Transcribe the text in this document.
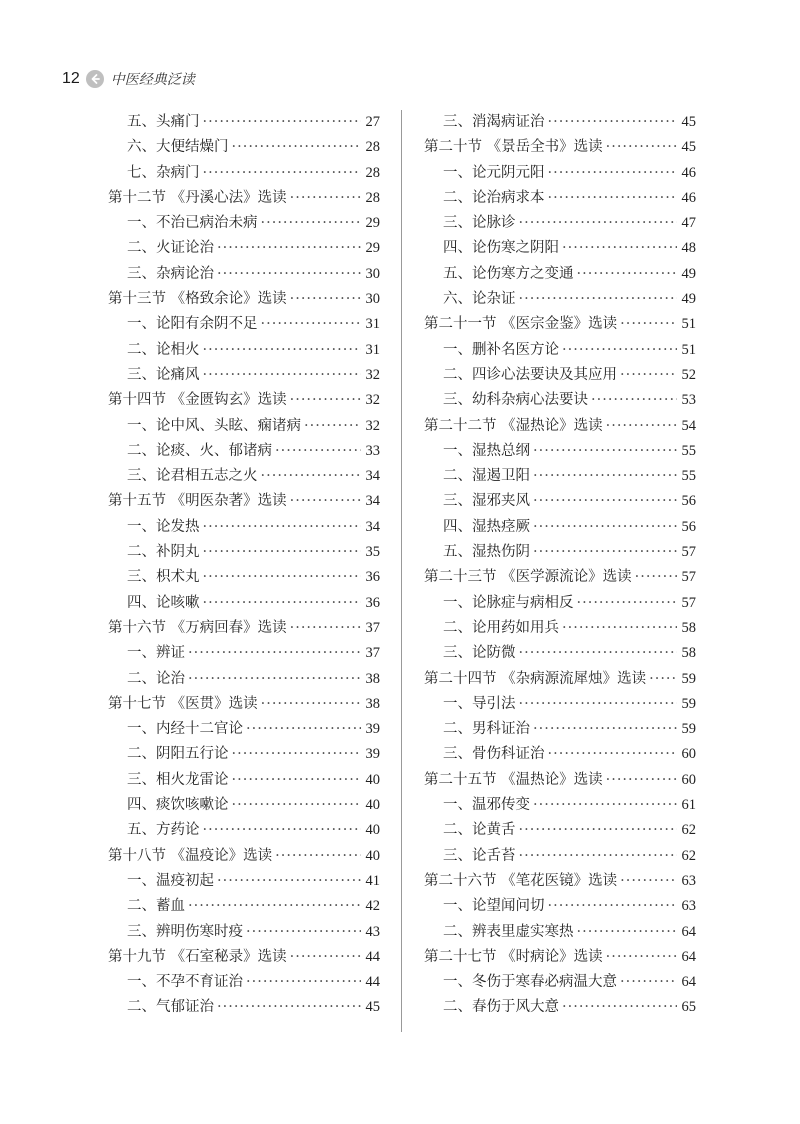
12 中医经典泛读
五、头痛门 ·····	27
六、大便结燥门 ·····	28
七、杂病门 ·····	28
第十二节 《丹溪心法》选读 ·····	28
一、不治已病治未病 ·····	29
二、火证论治 ·····	29
三、杂病论治 ·····	30
第十三节 《格致余论》选读 ·····	30
一、论阳有余阴不足 ·····	31
二、论相火 ·····	31
三、论痛风 ·····	32
第十四节 《金匮钩玄》选读 ·····	32
一、论中风、头眩、痫诸病 ·····	32
二、论痰、火、郁诸病 ·····	33
三、论君相五志之火 ·····	34
第十五节 《明医杂著》选读 ·····	34
一、论发热 ·····	34
二、补阴丸 ·····	35
三、枳术丸 ·····	36
四、论咳嗽 ·····	36
第十六节 《万病回春》选读 ·····	37
一、辨证 ·····	37
二、论治 ·····	38
第十七节 《医贯》选读 ·····	38
一、内经十二官论 ·····	39
二、阴阳五行论 ·····	39
三、相火龙雷论 ·····	40
四、痰饮咳嗽论 ·····	40
五、方药论 ·····	40
第十八节 《温疫论》选读 ·····	40
一、温疫初起 ·····	41
二、蓄血 ·····	42
三、辨明伤寒时疫 ·····	43
第十九节 《石室秘录》选读 ·····	44
一、不孕不育证治 ·····	44
二、气郁证治 ·····	45
三、消渴病证治 ·····	45
第二十节 《景岳全书》选读 ·····	45
一、论元阴元阳 ·····	46
二、论治病求本 ·····	46
三、论脉诊 ·····	47
四、论伤寒之阴阳 ·····	48
五、论伤寒方之变通 ·····	49
六、论杂证 ·····	49
第二十一节 《医宗金鉴》选读 ·····	51
一、删补名医方论 ·····	51
二、四诊心法要诀及其应用 ·····	52
三、幼科杂病心法要诀 ·····	53
第二十二节 《湿热论》选读 ·····	54
一、湿热总纲 ·····	55
二、湿遏卫阳 ·····	55
三、湿邪夹风 ·····	56
四、湿热痉厥 ·····	56
五、湿热伤阴 ·····	57
第二十三节 《医学源流论》选读 ·····	57
一、论脉症与病相反 ·····	57
二、论用药如用兵 ·····	58
三、论防微 ·····	58
第二十四节 《杂病源流犀烛》选读 ····· 59
一、导引法 ·····	59
二、男科证治 ·····	59
三、骨伤科证治 ·····	60
第二十五节 《温热论》选读 ·····	60
一、温邪传变 ·····	61
二、论黄舌 ·····	62
三、论舌苔 ·····	62
第二十六节 《笔花医镜》选读 ·····	63
一、论望闻问切 ·····	63
二、辨表里虚实寒热 ·····	64
第二十七节 《时病论》选读 ·····	64
一、冬伤于寒春必病温大意 ·····	64
二、春伤于风大意 ·····	65
